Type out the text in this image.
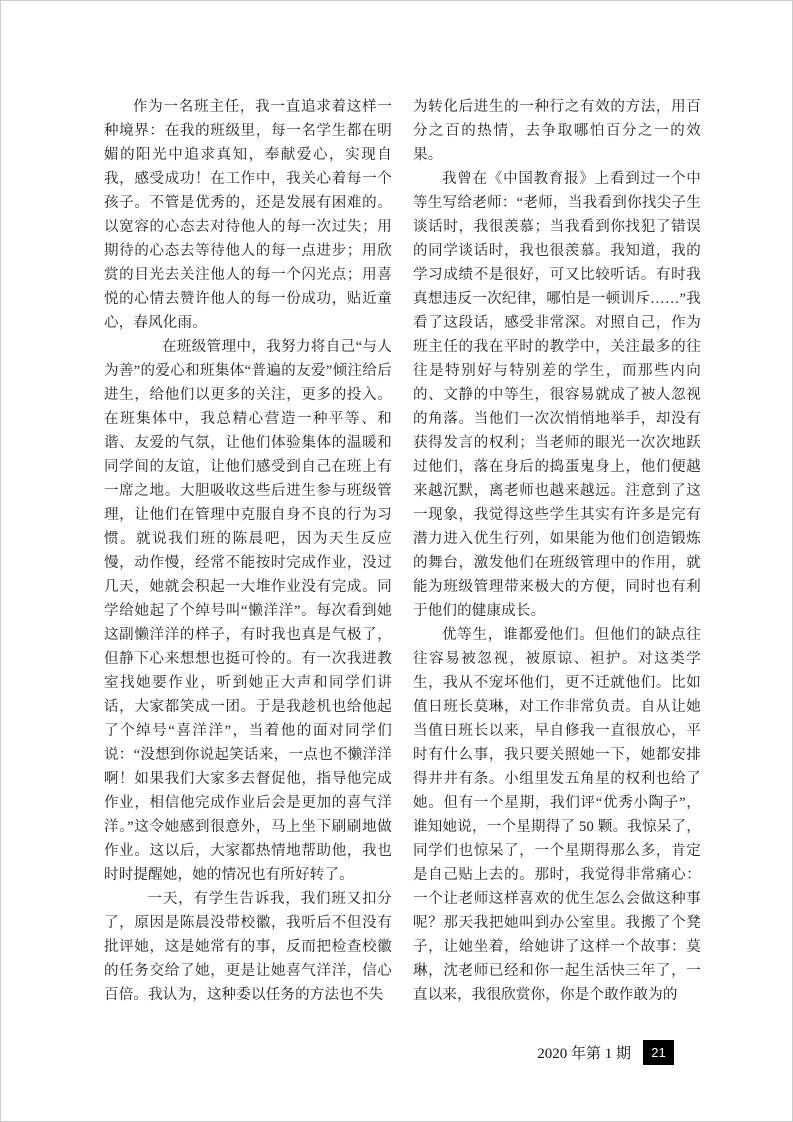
作为一名班主任，我一直追求着这样一种境界：在我的班级里，每一名学生都在明媚的阳光中追求真知，奉献爱心，实现自我，感受成功！在工作中，我关心着每一个孩子。不管是优秀的，还是发展有困难的。以宽容的心态去对待他人的每一次过失；用期待的心态去等待他人的每一点进步；用欣赏的目光去关注他人的每一个闪光点；用喜悦的心情去赞许他人的每一份成功，贴近童心，春风化雨。

在班级管理中，我努力将自己“与人为善”的爱心和班集体“普遍的友爱”倾注给后进生，给他们以更多的关注，更多的投入。在班集体中，我总精心营造一种平等、和谐、友爱的气氛，让他们体验集体的温暖和同学间的友谊，让他们感受到自己在班上有一席之地。大胆吸收这些后进生参与班级管理，让他们在管理中克服自身不良的行为习惯。就说我们班的陈晨吧，因为天生反应慢，动作慢，经常不能按时完成作业，没过几天，她就会积起一大堆作业没有完成。同学给她起了个绰号叫“懒洋洋”。每次看到她这副懒洋洋的样子，有时我也真是气极了，但静下心来想想也挺可怜的。有一次我进教室找她要作业，听到她正大声和同学们讲话，大家都笑成一团。于是我趁机也给他起了个绰号“喜洋洋”，当着他的面对同学们说：“没想到你说起笑话来，一点也不懒洋洋啊！如果我们大家多去督促他，指导他完成作业，相信他完成作业后会是更加的喜气洋洋。”这令她感到很意外，马上坐下刷刷地做作业。这以后，大家都热情地帮助他，我也时时提醒她，她的情况也有所好转了。

一天，有学生告诉我，我们班又扣分了，原因是陈晨没带校徽，我听后不但没有批评她，这是她常有的事，反而把检查校徽的任务交给了她，更是让她喜气洋洋，信心百倍。我认为，这种委以任务的方法也不失

为转化后进生的一种行之有效的方法，用百分之百的热情，去争取哪怕百分之一的效果。

我曾在《中国教育报》上看到过一个中等生写给老师：“老师，当我看到你找尖子生谈话时，我很羡慕；当我看到你找犯了错误的同学谈话时，我也很羡慕。我知道，我的学习成绩不是很好，可又比较听话。有时我真想违反一次纪律，哪怕是一顿训斥……”我看了这段话，感受非常深。对照自己，作为班主任的我在平时的教学中，关注最多的往往是特别好与特别差的学生，而那些内向的、文静的中等生，很容易就成了被人忽视的角落。当他们一次次悄悄地举手，却没有获得发言的权利；当老师的眼光一次次地跃过他们，落在身后的捣蛋鬼身上，他们便越来越沉默，离老师也越来越远。注意到了这一现象，我觉得这些学生其实有许多是完有潜力进入优生行列，如果能为他们创造锻炼的舞台，激发他们在班级管理中的作用，就能为班级管理带来极大的方便，同时也有利于他们的健康成长。

优等生，谁都爱他们。但他们的缺点往往容易被忽视，被原谅、袒护。对这类学生，我从不宠坏他们，更不迁就他们。比如值日班长莫琳，对工作非常负责。自从让她当值日班长以来，早自修我一直很放心，平时有什么事，我只要关照她一下，她都安排得井井有条。小组里发五角星的权利也给了她。但有一个星期，我们评“优秀小陶子”，谁知她说，一个星期得了 50 颗。我惊呆了，同学们也惊呆了，一个星期得那么多，肯定是自己贴上去的。那时，我觉得非常痛心：一个让老师这样喜欢的优生怎么会做这种事呢？那天我把她叫到办公室里。我搬了个凳子，让她坐着，给她讲了这样一个故事：莫琳，沈老师已经和你一起生活快三年了，一直以来，我很欣赏你，你是个敢作敢为的

2020 年第 1 期	21
